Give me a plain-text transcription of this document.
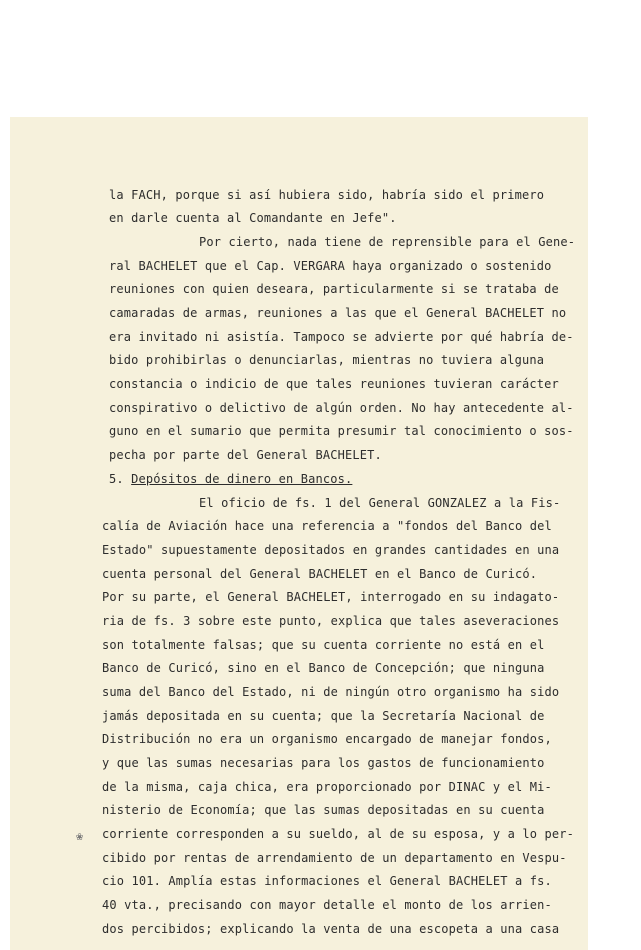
la FACH, porque si así hubiera sido, habría sido el primero
en darle cuenta al Comandante en Jefe".
Por cierto, nada tiene de reprensible para el Gene-
ral BACHELET que el Cap. VERGARA haya organizado o sostenido
reuniones con quien deseara, particularmente si se trataba de
camaradas de armas, reuniones a las que el General BACHELET no
era invitado ni asistía. Tampoco se advierte por qué habría de-
bido prohibirlas o denunciarlas, mientras no tuviera alguna
constancia o indicio de que tales reuniones tuvieran carácter
conspirativo o delictivo de algún orden. No hay antecedente al-
guno en el sumario que permita presumir tal conocimiento o sos-
pecha por parte del General BACHELET.
5. Depósitos de dinero en Bancos.
El oficio de fs. 1 del General GONZALEZ a la Fis-
calía de Aviación hace una referencia a "fondos del Banco del
Estado" supuestamente depositados en grandes cantidades en una
cuenta personal del General BACHELET en el Banco de Curicó.
Por su parte, el General BACHELET, interrogado en su indagato-
ria de fs. 3 sobre este punto, explica que tales aseveraciones
son totalmente falsas; que su cuenta corriente no está en el
Banco de Curicó, sino en el Banco de Concepción; que ninguna
suma del Banco del Estado, ni de ningún otro organismo ha sido
jamás depositada en su cuenta; que la Secretaría Nacional de
Distribución no era un organismo encargado de manejar fondos,
y que las sumas necesarias para los gastos de funcionamiento
de la misma, caja chica, era proporcionado por DINAC y el Mi-
nisterio de Economía; que las sumas depositadas en su cuenta
corriente corresponden a su sueldo, al de su esposa, y a lo per-
cibido por rentas de arrendamiento de un departamento en Vespu-
cio 101. Amplía estas informaciones el General BACHELET a fs.
40 vta., precisando con mayor detalle el monto de los arrien-
dos percibidos; explicando la venta de una escopeta a una casa
❀
